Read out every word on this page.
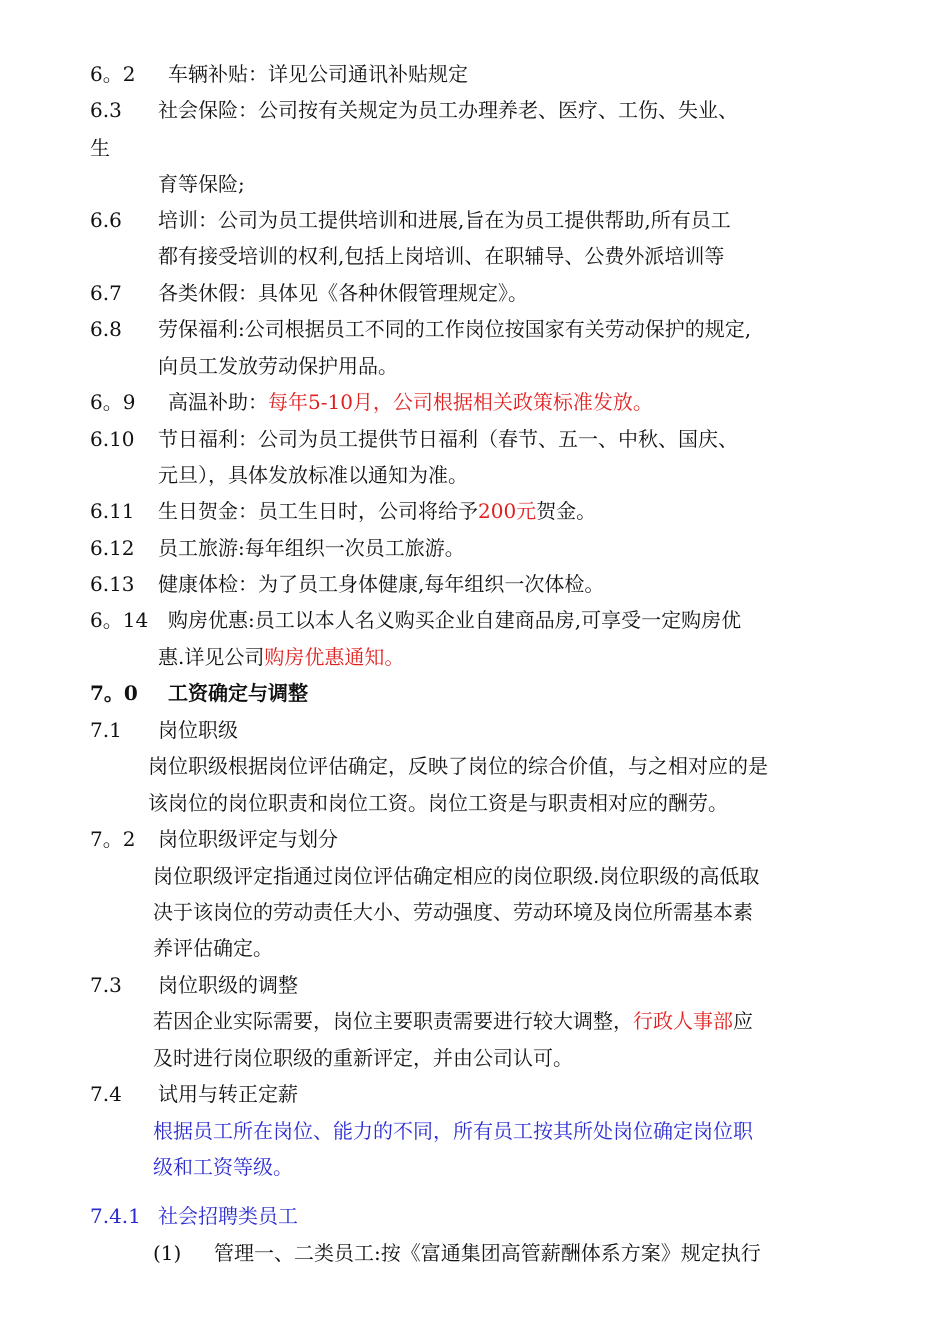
6。2 车辆补贴：详见公司通讯补贴规定
6.3 社会保险：公司按有关规定为员工办理养老、医疗、工伤、失业、
生
育等保险;
6.6 培训：公司为员工提供培训和进展,旨在为员工提供帮助,所有员工
都有接受培训的权利,包括上岗培训、在职辅导、公费外派培训等
6.7 各类休假：具体见《各种休假管理规定》。
6.8 劳保福利:公司根据员工不同的工作岗位按国家有关劳动保护的规定,
向员工发放劳动保护用品。
6。9 高温补助：每年5-10月，公司根据相关政策标准发放。
6.10 节日福利：公司为员工提供节日福利（春节、五一、中秋、国庆、
元旦），具体发放标准以通知为准。
6.11 生日贺金：员工生日时，公司将给予200元贺金。
6.12 员工旅游:每年组织一次员工旅游。
6.13 健康体检：为了员工身体健康,每年组织一次体检。
6。14 购房优惠:员工以本人名义购买企业自建商品房,可享受一定购房优
惠.详见公司购房优惠通知。
7。0 工资确定与调整
7.1 岗位职级
岗位职级根据岗位评估确定，反映了岗位的综合价值，与之相对应的是
该岗位的岗位职责和岗位工资。岗位工资是与职责相对应的酬劳。
7。2 岗位职级评定与划分
岗位职级评定指通过岗位评估确定相应的岗位职级.岗位职级的高低取
决于该岗位的劳动责任大小、劳动强度、劳动环境及岗位所需基本素
养评估确定。
7.3 岗位职级的调整
若因企业实际需要，岗位主要职责需要进行较大调整，行政人事部应
及时进行岗位职级的重新评定，并由公司认可。
7.4 试用与转正定薪
根据员工所在岗位、能力的不同，所有员工按其所处岗位确定岗位职
级和工资等级。
7.4.1 社会招聘类员工
(1) 管理一、二类员工:按《富通集团高管薪酬体系方案》规定执行
